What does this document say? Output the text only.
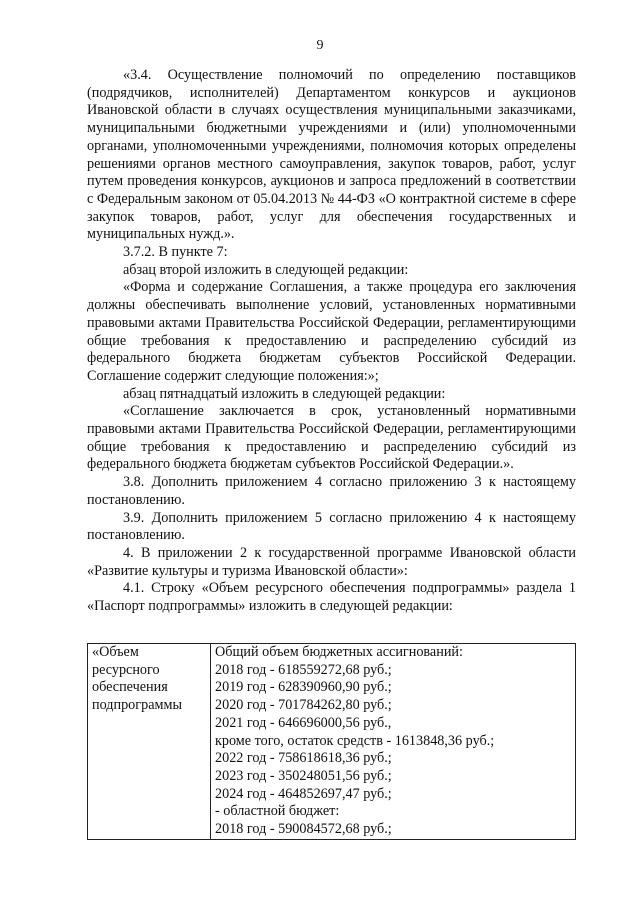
9

«3.4. Осуществление полномочий по определению поставщиков (подрядчиков, исполнителей) Департаментом конкурсов и аукционов Ивановской области в случаях осуществления муниципальными заказчиками, муниципальными бюджетными учреждениями и (или) уполномоченными органами, уполномоченными учреждениями, полномочия которых определены решениями органов местного самоуправления, закупок товаров, работ, услуг путем проведения конкурсов, аукционов и запроса предложений в соответствии с Федеральным законом от 05.04.2013 № 44-ФЗ «О контрактной системе в сфере закупок товаров, работ, услуг для обеспечения государственных и муниципальных нужд.».

3.7.2. В пункте 7:

абзац второй изложить в следующей редакции:

«Форма и содержание Соглашения, а также процедура его заключения должны обеспечивать выполнение условий, установленных нормативными правовыми актами Правительства Российской Федерации, регламентирующими общие требования к предоставлению и распределению субсидий из федерального бюджета бюджетам субъектов Российской Федерации. Соглашение содержит следующие положения:»;

абзац пятнадцатый изложить в следующей редакции:

«Соглашение заключается в срок, установленный нормативными правовыми актами Правительства Российской Федерации, регламентирующими общие требования к предоставлению и распределению субсидий из федерального бюджета бюджетам субъектов Российской Федерации.».

3.8. Дополнить приложением 4 согласно приложению 3 к настоящему постановлению.

3.9. Дополнить приложением 5 согласно приложению 4 к настоящему постановлению.

4. В приложении 2 к государственной программе Ивановской области «Развитие культуры и туризма Ивановской области»:

4.1. Строку «Объем ресурсного обеспечения подпрограммы» раздела 1 «Паспорт подпрограммы» изложить в следующей редакции:

«Объем
ресурсного
обеспечения
подпрограммы

Общий объем бюджетных ассигнований:
2018 год - 618559272,68 руб.;
2019 год - 628390960,90 руб.;
2020 год - 701784262,80 руб.;
2021 год - 646696000,56 руб.,
кроме того, остаток средств - 1613848,36 руб.;
2022 год - 758618618,36 руб.;
2023 год - 350248051,56 руб.;
2024 год - 464852697,47 руб.;
- областной бюджет:
2018 год - 590084572,68 руб.;
